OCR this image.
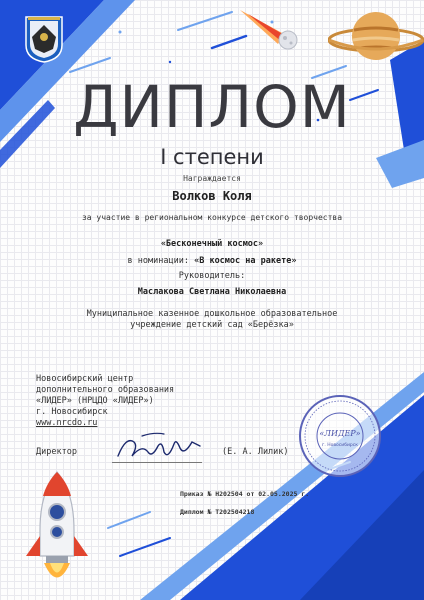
ДИПЛОМ
I степени
Награждается
Волков Коля
за участие в региональном конкурсе детского творчества
«Бесконечный космос»
в номинации: «В космос на ракете»
Руководитель:
Маслакова Светлана Николаевна
Муниципальное казенное дошкольное образовательное учреждение детский сад «Берёзка»
Новосибирский центр
дополнительного образования
«ЛИДЕР» (НРЦДО «ЛИДЕР»)
г. Новосибирск
www.nrcdo.ru
Директор	(Е. А. Лилик)
«ЛИДЕР»
г. Новосибирск
Приказ № Н202504 от 02.05.2025 г.
Диплом № Т202504218
